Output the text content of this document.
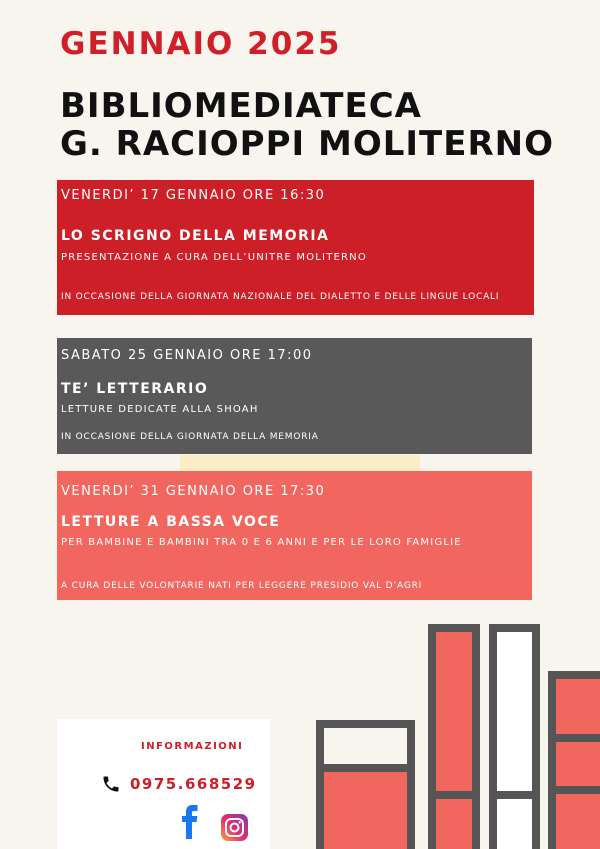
GENNAIO 2025
BIBLIOMEDIATECA
G. RACIOPPI MOLITERNO
VENERDI’ 17 GENNAIO ORE 16:30
LO SCRIGNO DELLA MEMORIA
PRESENTAZIONE A CURA DELL’UNITRE MOLITERNO
IN OCCASIONE DELLA GIORNATA NAZIONALE DEL DIALETTO E DELLE LINGUE LOCALI
SABATO 25 GENNAIO ORE 17:00
TE’ LETTERARIO
LETTURE DEDICATE ALLA SHOAH
IN OCCASIONE DELLA GIORNATA DELLA MEMORIA
VENERDI’ 31 GENNAIO ORE 17:30
LETTURE A BASSA VOCE
PER BAMBINE E BAMBINI TRA 0 E 6 ANNI E PER LE LORO FAMIGLIE
A CURA DELLE VOLONTARIE NATI PER LEGGERE PRESIDIO VAL D’AGRI
INFORMAZIONI
0975.668529
